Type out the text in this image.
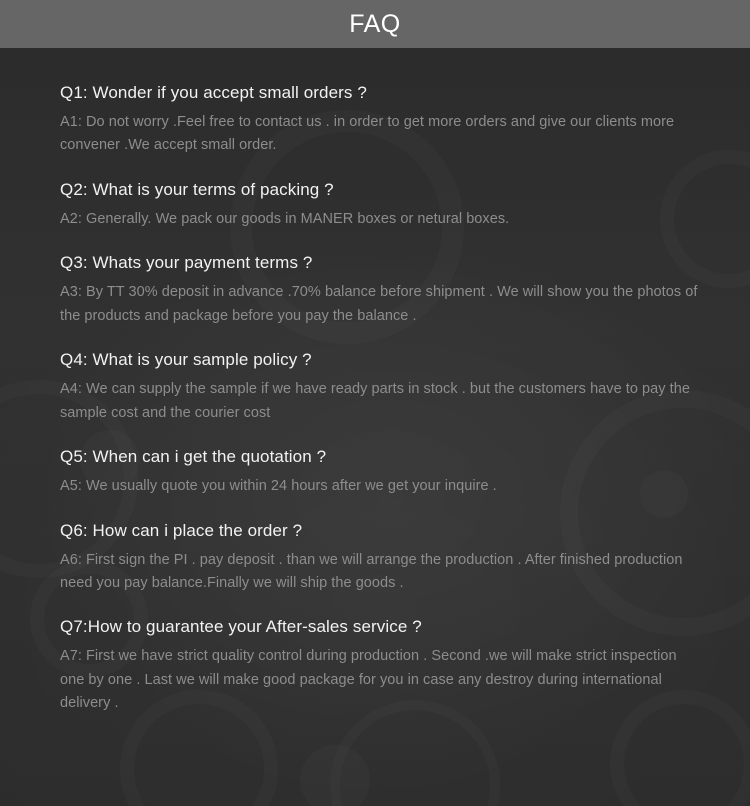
FAQ

Q1: Wonder if you accept small orders ?

A1: Do not worry .Feel free to contact us . in order to get more orders and give our clients more convener .We accept small order.

Q2: What is your terms of packing ?

A2: Generally. We pack our goods in MANER boxes or netural boxes.

Q3: Whats your payment terms ?

A3: By TT 30% deposit in advance .70% balance before shipment . We will show you the photos of the products and package before you pay the balance .

Q4: What is your sample policy ?

A4: We can supply the sample if we have ready parts in stock . but the customers have to pay the sample cost and the courier cost

Q5: When can i get the quotation ?

A5: We usually quote you within 24 hours after we get your inquire .

Q6: How can i place the order ?

A6: First sign the PI . pay deposit . than we will arrange the production . After finished production need you pay balance.Finally we will ship the goods .

Q7:How to guarantee your After-sales service ?

A7: First we have strict quality control during production . Second .we will make strict inspection one by one . Last we will make good package for you in case any destroy during international delivery .
